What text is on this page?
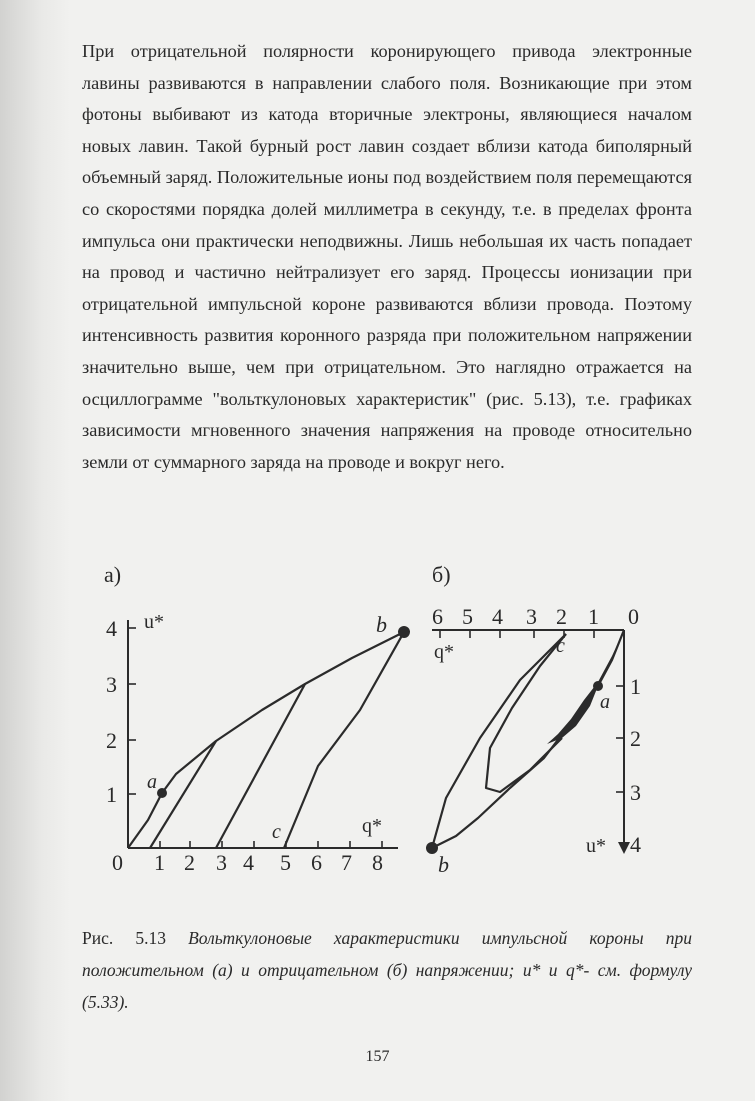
При отрицательной полярности коронирующего привода электронные лавины развиваются в направлении слабого поля. Возникающие при этом фотоны выбивают из катода вторичные электроны, являющиеся началом новых лавин. Такой бурный рост лавин создает вблизи катода биполярный объемный заряд. Положительные ионы под воздействием поля перемещаются со скоростями порядка долей миллиметра в секунду, т.е. в пределах фронта импульса они практически неподвижны. Лишь небольшая их часть попадает на провод и частично нейтрализует его заряд. Процессы ионизации при отрицательной импульсной короне развиваются вблизи провода. Поэтому интенсивность развития коронного разряда при положительном напряжении значительно выше, чем при отрицательном. Это наглядно отражается на осциллограмме "вольткулоновых характеристик" (рис. 5.13), т.е. графиках зависимости мгновенного значения напряжения на проводе относительно земли от суммарного заряда на проводе и вокруг него.

а)
4
3
2
1
u*
0 1 2 3 4 5 6 7 8
q*
a
b
c
б)
6 5 4 3 2 1 0
q*
1
2
3
4
u*
a
b
c

Рис. 5.13 Вольткулоновые характеристики импульсной короны при положительном (а) и отрицательном (б) напряжении; u* и q*- см. формулу (5.33).

157
